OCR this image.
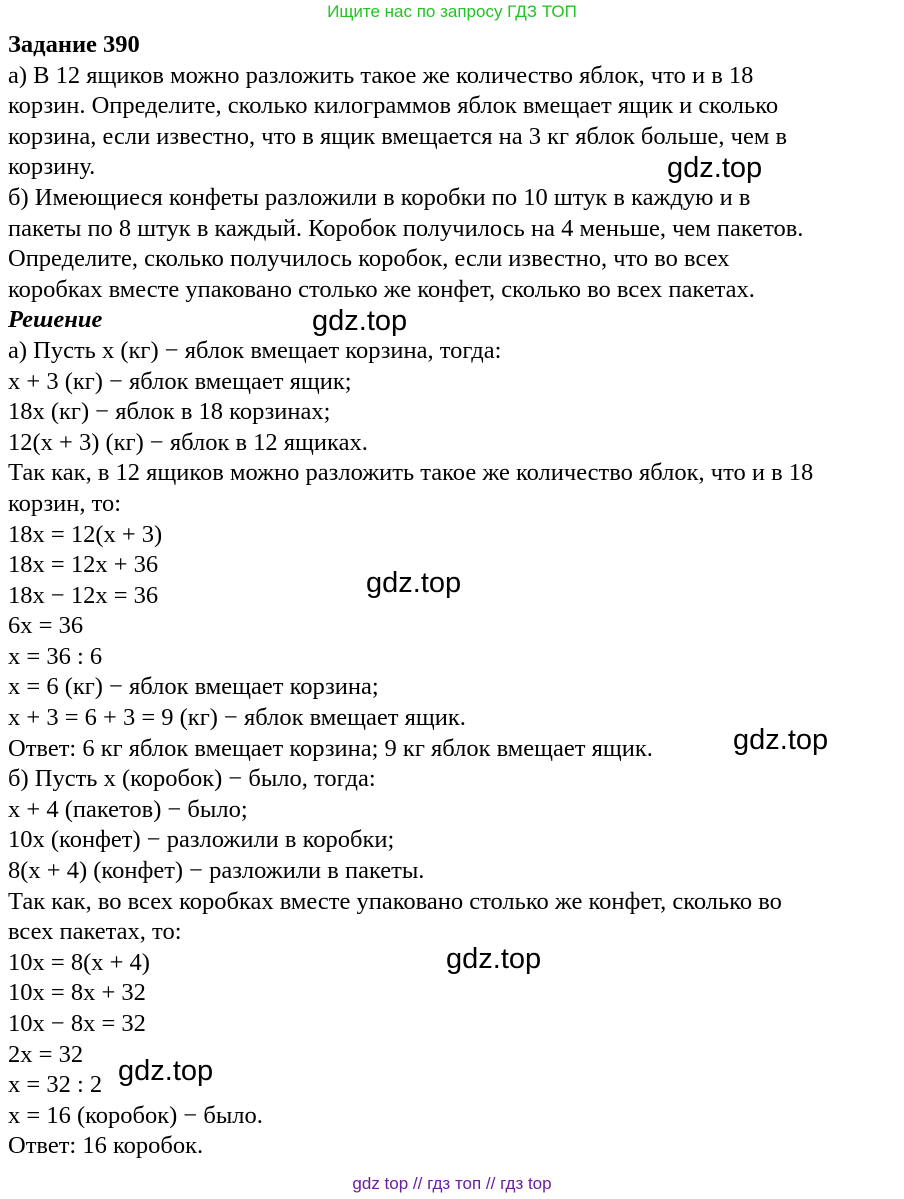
Ищите нас по запросу ГДЗ ТОП
Задание 390
а) В 12 ящиков можно разложить такое же количество яблок, что и в 18
корзин. Определите, сколько килограммов яблок вмещает ящик и сколько
корзина, если известно, что в ящик вмещается на 3 кг яблок больше, чем в
корзину.
б) Имеющиеся конфеты разложили в коробки по 10 штук в каждую и в
пакеты по 8 штук в каждый. Коробок получилось на 4 меньше, чем пакетов.
Определите, сколько получилось коробок, если известно, что во всех
коробках вместе упаковано столько же конфет, сколько во всех пакетах.
Решение
а) Пусть x (кг) − яблок вмещает корзина, тогда:
x + 3 (кг) − яблок вмещает ящик;
18x (кг) − яблок в 18 корзинах;
12(x + 3) (кг) − яблок в 12 ящиках.
Так как, в 12 ящиков можно разложить такое же количество яблок, что и в 18
корзин, то:
18x = 12(x + 3)
18x = 12x + 36
18x − 12x = 36
6x = 36
x = 36 : 6
x = 6 (кг) − яблок вмещает корзина;
x + 3 = 6 + 3 = 9 (кг) − яблок вмещает ящик.
Ответ: 6 кг яблок вмещает корзина; 9 кг яблок вмещает ящик.
б) Пусть x (коробок) − было, тогда:
x + 4 (пакетов) − было;
10x (конфет) − разложили в коробки;
8(x + 4) (конфет) − разложили в пакеты.
Так как, во всех коробках вместе упаковано столько же конфет, сколько во
всех пакетах, то:
10x = 8(x + 4)
10x = 8x + 32
10x − 8x = 32
2x = 32
x = 32 : 2
x = 16 (коробок) − было.
Ответ: 16 коробок.
gdz.top
gdz.top
gdz.top
gdz.top
gdz.top
gdz.top
gdz top // гдз топ // гдз top
